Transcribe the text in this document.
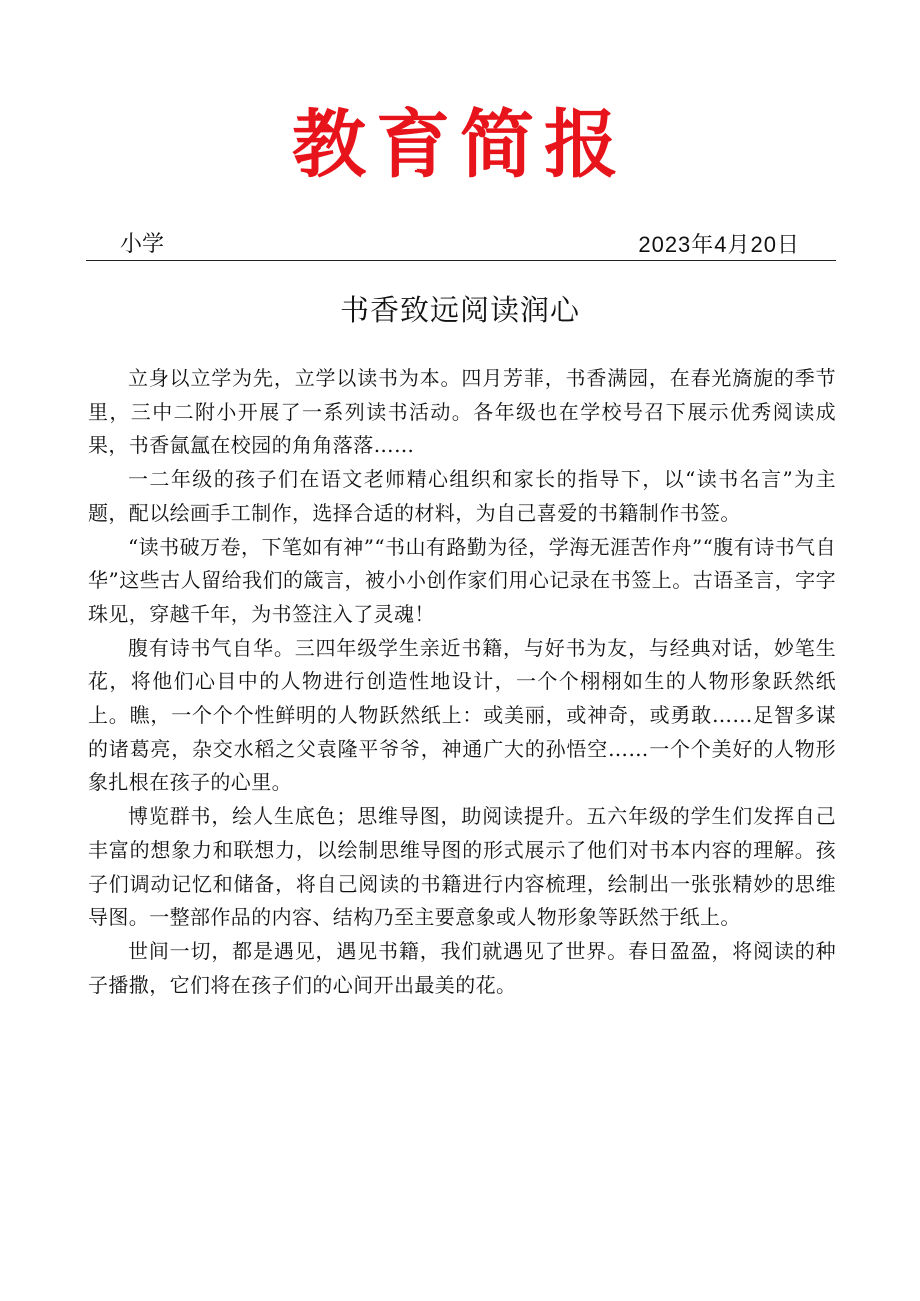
教育简报
小学	2023年4月20日
书香致远阅读润心

立身以立学为先，立学以读书为本。四月芳菲，书香满园，在春光旖旎的季节里，三中二附小开展了一系列读书活动。各年级也在学校号召下展示优秀阅读成果，书香氤氲在校园的角角落落……

一二年级的孩子们在语文老师精心组织和家长的指导下，以“读书名言”为主题，配以绘画手工制作，选择合适的材料，为自己喜爱的书籍制作书签。

“读书破万卷，下笔如有神”“书山有路勤为径，学海无涯苦作舟”“腹有诗书气自华”这些古人留给我们的箴言，被小小创作家们用心记录在书签上。古语圣言，字字珠见，穿越千年，为书签注入了灵魂！

腹有诗书气自华。三四年级学生亲近书籍，与好书为友，与经典对话，妙笔生花，将他们心目中的人物进行创造性地设计，一个个栩栩如生的人物形象跃然纸上。瞧，一个个个性鲜明的人物跃然纸上：或美丽，或神奇，或勇敢……足智多谋的诸葛亮，杂交水稻之父袁隆平爷爷，神通广大的孙悟空……一个个美好的人物形象扎根在孩子的心里。

博览群书，绘人生底色；思维导图，助阅读提升。五六年级的学生们发挥自己丰富的想象力和联想力，以绘制思维导图的形式展示了他们对书本内容的理解。孩子们调动记忆和储备，将自己阅读的书籍进行内容梳理，绘制出一张张精妙的思维导图。一整部作品的内容、结构乃至主要意象或人物形象等跃然于纸上。

世间一切，都是遇见，遇见书籍，我们就遇见了世界。春日盈盈，将阅读的种子播撒，它们将在孩子们的心间开出最美的花。
